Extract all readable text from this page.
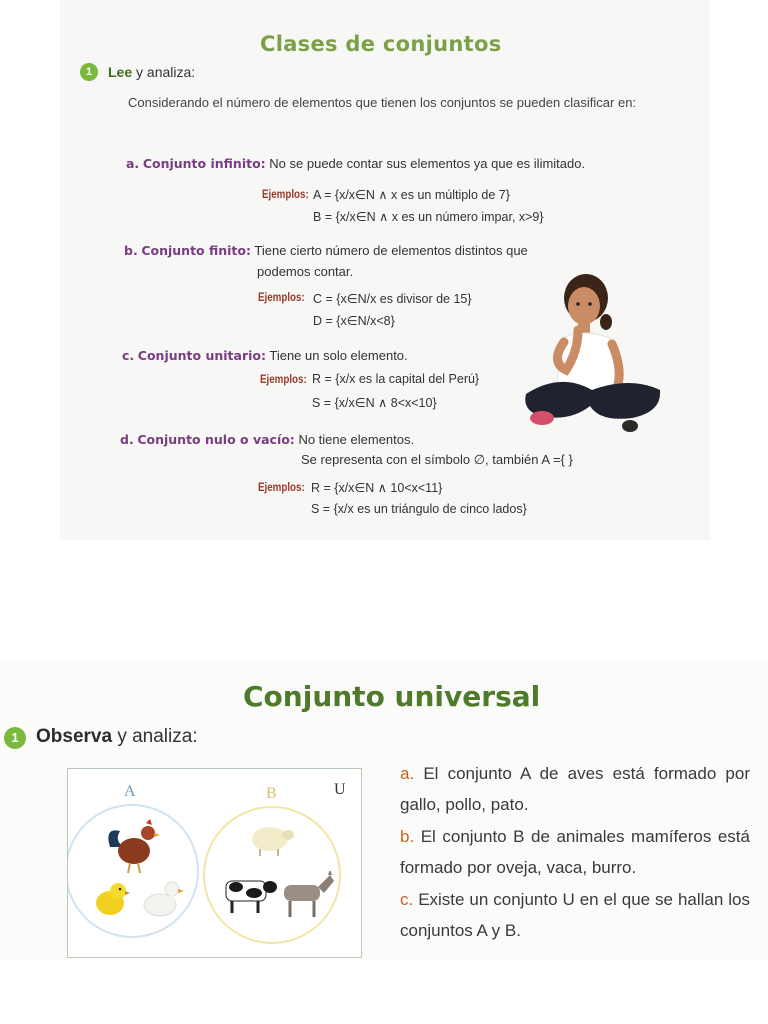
Clases de conjuntos
1	Lee y analiza:
Considerando el número de elementos que tienen los conjuntos se pueden clasificar en:
a. Conjunto infinito: No se puede contar sus elementos ya que es ilimitado.
Ejemplos: A = {x/x∈N ∧ x es un múltiplo de 7}
B = {x/x∈N ∧ x es un número impar, x>9}
b. Conjunto finito: Tiene cierto número de elementos distintos que
podemos contar.
Ejemplos: C = {x∈N/x es divisor de 15}
D = {x∈N/x<8}
c. Conjunto unitario: Tiene un solo elemento.
Ejemplos: R = {x/x es la capital del Perú}
S = {x/x∈N ∧ 8<x<10}
d. Conjunto nulo o vacío: No tiene elementos.
Se representa con el símbolo ∅, también A ={ }
Ejemplos: R = {x/x∈N ∧ 10<x<11}
S = {x/x es un triángulo de cinco lados}
Conjunto universal
1 Observa y analiza:
A	B	U
a. El conjunto A de aves está formado por gallo, pollo, pato.
b. El conjunto B de animales mamíferos está formado por oveja, vaca, burro.
c. Existe un conjunto U en el que se hallan los conjuntos A y B.
